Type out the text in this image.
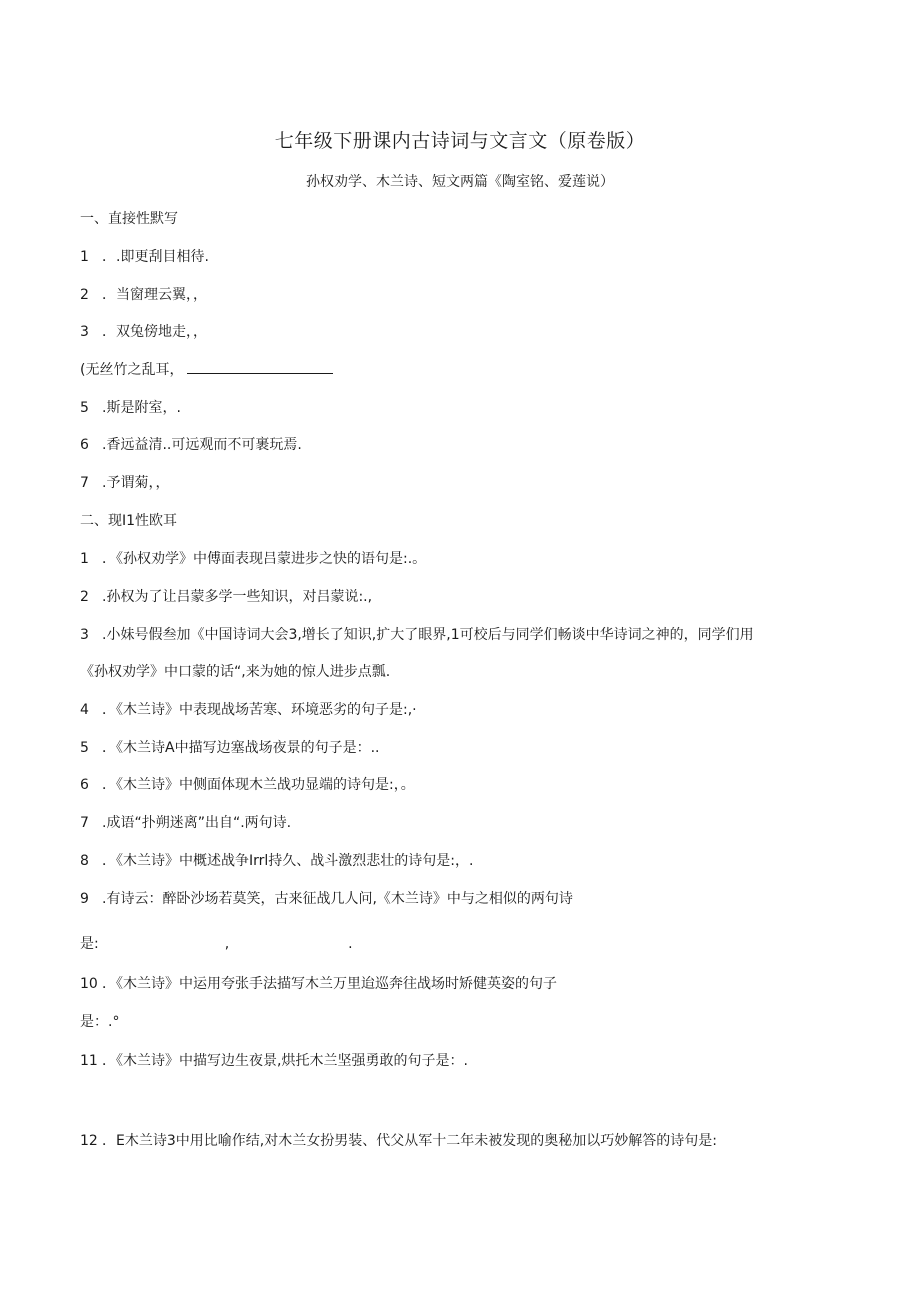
七年级下册课内古诗词与文言文（原卷版）
孙权劝学、木兰诗、短文两篇《陶室铭、爱莲说）
一、直接性默写
1 ．.即更刮目相待.
2 ．当窗理云翼，，
3 ．双兔傍地走，，
(无丝竹之乱耳，
5 .斯是附室，.
6 .香远益清..可远观而不可裹玩焉.
7 .予谓菊，，
二、现I1性欧耳
1 ．《孙权劝学》中傅面表现吕蒙进步之快的语句是:.。
2 .孙权为了让吕蒙多学一些知识，对吕蒙说:.,
3 .小妹号假叁加《中国诗词大会3,增长了知识,扩大了眼界,1可校后与同学们畅谈中华诗词之神的，同学们用
《孙权劝学》中口蒙的话“,来为她的惊人进步点瓢.
4 ．《木兰诗》中表现战场苦寒、环境恶劣的句子是:,·
5 ．《木兰诗A中描写边塞战场夜景的句子是：..
6 ．《木兰诗》中侧面体现木兰战功显端的诗句是:，。
7 .成语“扑朔迷离”出自“.两句诗.
8 ．《木兰诗》中概述战争Irrl持久、战斗激烈悲壮的诗句是:，.
9 .有诗云：醉卧沙场若莫笑，古来征战几人问,《木兰诗》中与之相似的两句诗
是:	,	.
10 ．《木兰诗》中运用夸张手法描写木兰万里迨巡奔往战场时矫健英姿的句子
是：.°
11 ．《木兰诗》中描写边生夜景,烘托木兰坚强勇敢的句子是：.
12 ．E木兰诗3中用比喻作结,对木兰女扮男装、代父从军十二年未被发现的奥秘加以巧妙解答的诗句是:
